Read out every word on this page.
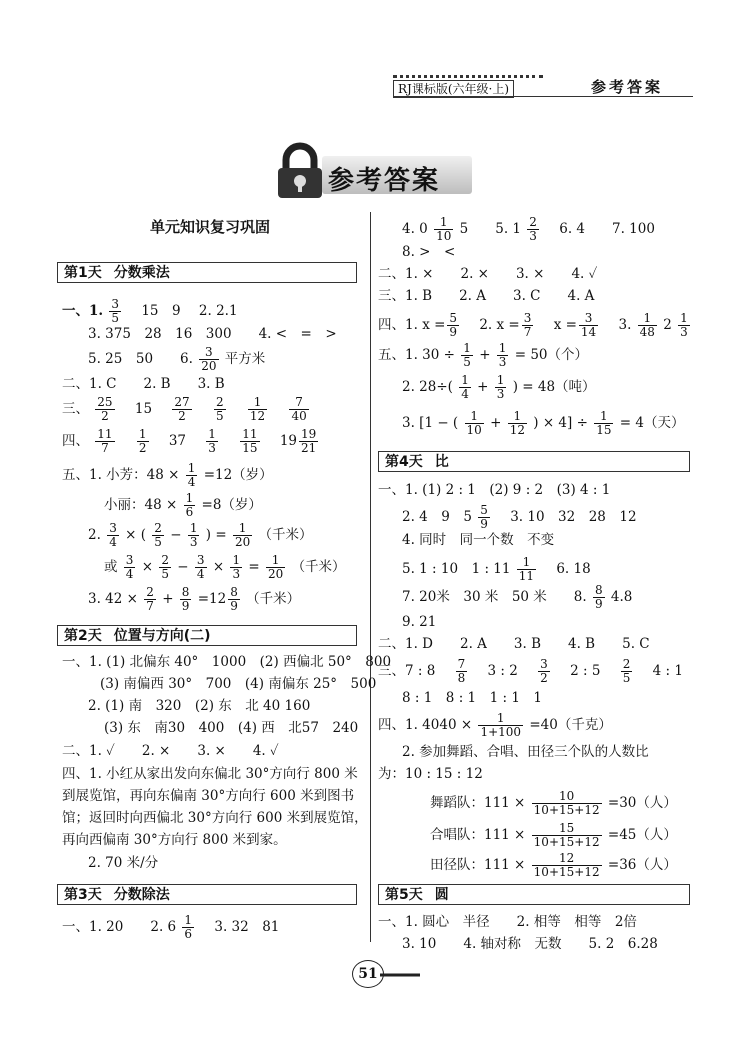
RJ课标版(六年级·上)	参考答案
参考答案
单元知识复习巩固
第1天 分数乘法
一、1. $\frac{3}{5} 15$　9 2. 2.1
3. 375　28　16　300　　4. <　=　>
5. 25　50　　6. $\frac{3}{20}$ 平方米
二、1. C　　2. B　　3. B
三、 $\frac{25}{2} 15 \frac{27}{2}$
$\frac{2}{5}$
$\frac{1}{12}$
$\frac{7}{40}$
四、 $\frac{11}{7}$
$\frac{1}{2} 37 \frac{1}{3}$
$\frac{11}{15} 19 \frac{19}{21}$
五、1. 小芳：$48 \times \frac{1}{4} =12$（岁）
小丽：$48 \times \frac{1}{6} =8$（岁）
2. $\frac{3}{4}$ × ( $\frac{2}{5} - \frac{1}{3}$ ) = $\frac{1}{20}$ （千米）
或 $\frac{3}{4} \times \frac{2}{5} - \frac{3}{4} \times \frac{1}{3} = \frac{1}{20}$ （千米）
3. $42 \times \frac{2}{7} + \frac{8}{9} =12 \frac{8}{9}$ （千米）
第2天 位置与方向(二)
一、1. (1) 北偏东 40°　1000　(2) 西偏北 50°　800
(3) 南偏西 30°　700　(4) 南偏东 25°　500
2. (1) 南　320　(2) 东　北 40 160
(3) 东　南30　400　(4) 西　北57　240
二、1. ✓　　2. ×　　3. ×　　4. ✓
四、1. 小红从家出发向东偏北 30°方向行 800 米
到展览馆，再向东偏南 30°方向行 600 米到图书
馆；返回时向西偏北 30°方向行 600 米到展览馆，
再向西偏南 30°方向行 800 米到家。
2. 70 米/分
第3天 分数除法
一、1. 20　　2. $6 \frac{1}{6} 3$. 32　81
4. $0 \frac{1}{10} 5$　　5. $1 \frac{2}{3} 6$. 4　　7. 100
8. >　<
二、1. ×　　2. ×　　3. ×　　4. ✓
三、1. B　　2. A　　3. C　　4. A
四、1. $x = \frac{5}{9} 2$. $x = \frac{3}{7}$ $x = \frac{3}{14} 3$. $\frac{1}{48} 2 \frac{1}{3}$
五、1. $30 \div \frac{1}{5} + \frac{1}{3} = 50$（个）
2. $28\div( \frac{1}{4} + \frac{1}{3}$ ) = 48（吨）
3. [1 − ( $\frac{1}{10} + \frac{1}{12}$ ) × $4] \div \frac{1}{15} = 4$（天）
第4天 比
一、1. (1) 2 : 1　(2) 9 : 2　(3) 4 : 1
2. 4　9　$5 \frac{5}{9} 3$. 10　32　28　12
4. 同时　同一个数　不变
5. 1 : 10　1 : $11 \frac{1}{11} 6$. 18
7. 20米　30 米　50 米　　8. $\frac{8}{9} 4.8$
9. 21
二、1. D　　2. A　　3. B　　4. B　　5. C
三、7 : $8 \frac{7}{8} 3$ : $2 \frac{3}{2} 2$ : $5 \frac{2}{5} 4$ : 1
8 : 1　8 : 1　1 : 1　1
四、1. $4040 \times \frac{1}{1+100} =40$（千克）
2. 参加舞蹈、合唱、田径三个队的人数比
为：10 : 15 : 12
舞蹈队：$111 \times \frac{10}{10+15+12} =30$（人）
合唱队：$111 \times \frac{15}{10+15+12} =45$（人）
田径队：$111 \times \frac{12}{10+15+12} =36$（人）
第5天 圆
一、1. 圆心　半径　　2. 相等　相等　2倍
3. 10　　4. 轴对称　无数　　5. 2　6.28
51
